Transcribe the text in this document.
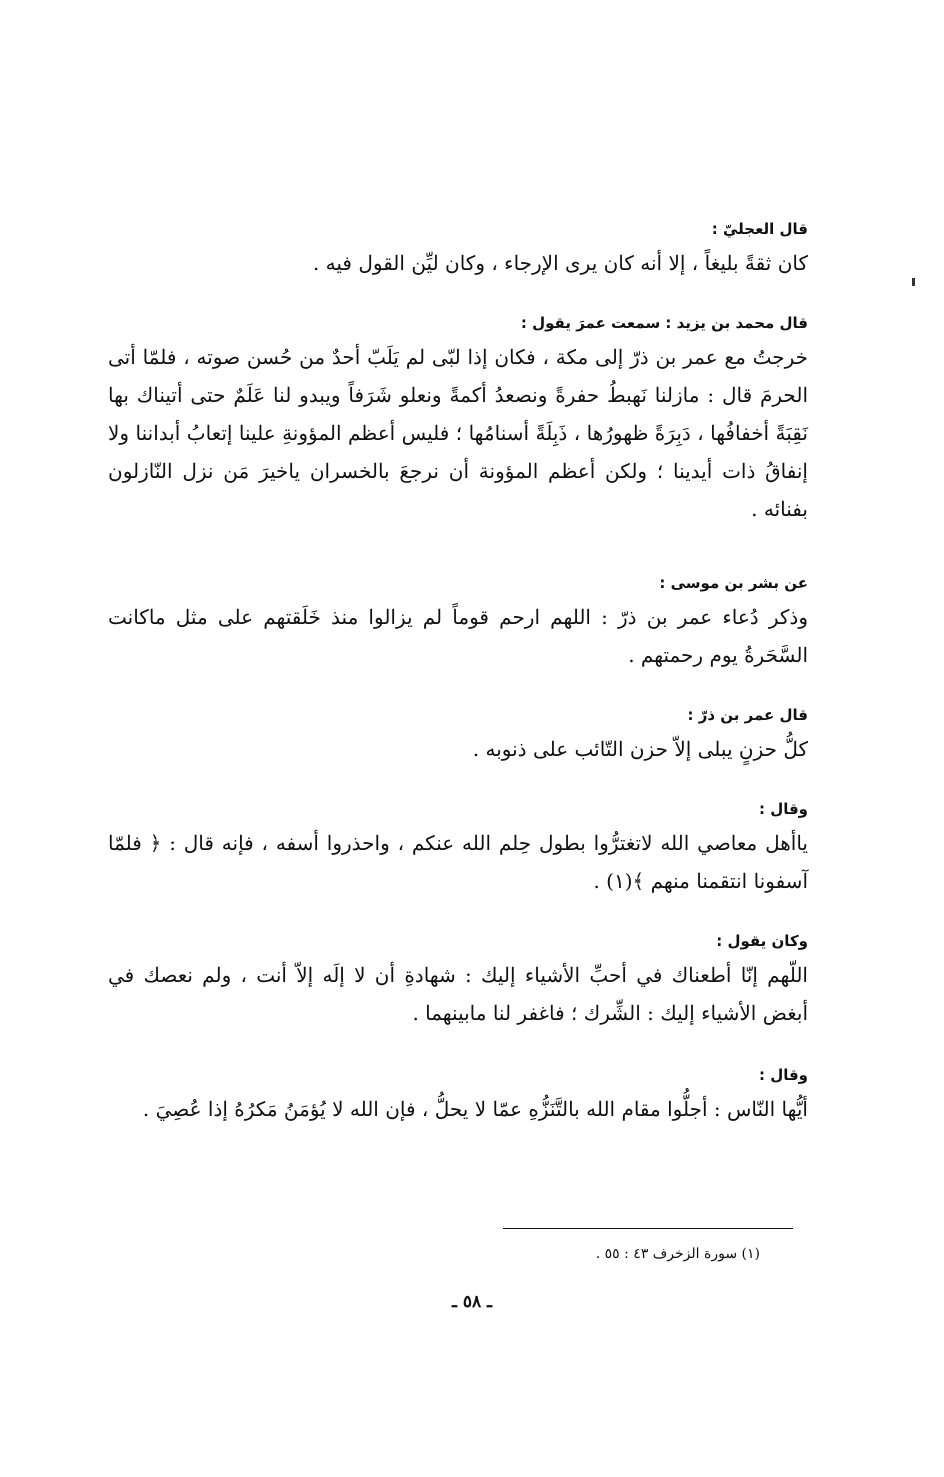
قال العجليّ :

كان ثقةً بليغاً ، إلا أنه كان يرى الإرجاء ، وكان ليِّن القول فيه .

قال محمد بن يزيد : سمعت عمرَ يقول :

خرجتُ مع عمر بن ذرّ إلى مكة ، فكان إذا لبّى لم يَلَبّ أحدٌ من حُسن صوته ، فلمّا أتى الحرمَ قال : مازلنا نَهبطُ حفرةً ونصعدُ أكمةً ونعلو شَرَفاً ويبدو لنا عَلَمٌ حتى أتيناك بها نَقِبَةً أخفافُها ، دَبِرَةً ظهورُها ، ذَبِلَةً أسنامُها ؛ فليس أعظم المؤونةِ علينا إتعابُ أبداننا ولا إنفاقُ ذات أيدينا ؛ ولكن أعظم المؤونة أن نرجعَ بالخسران ياخيرَ مَن نزل النّازلون بفنائه .

عن بشر بن موسى :

وذكر دُعاء عمر بن ذرّ : اللهم ارحم قوماً لم يزالوا منذ خَلَقتهم على مثل ماكانت السَّحَرةُ يوم رحمتهم .

قال عمر بن ذرّ :

كلُّ حزنٍ يبلى إلاّ حزن التّائب على ذنوبه .

وقال :

ياأهل معاصي الله لاتغترُّوا بطول حِلم الله عنكم ، واحذروا أسفه ، فإنه قال : ﴿ فلمّا آسفونا انتقمنا منهم ﴾(١) .

وكان يقول :

اللّهم إنّا أطعناك في أحبِّ الأشياء إليك : شهادةِ أن لا إلَه إلاّ أنت ، ولم نعصك في أبغض الأشياء إليك : الشِّرك ؛ فاغفر لنا مابينهما .

وقال :

أيُّها النّاس : أجلُّوا مقام الله بالتَّنَزُّهِ عمّا لا يحلُّ ، فإن الله لا يُؤمَنُ مَكرُهُ إذا عُصِيَ .

(١) سورة الزخرف ٤٣ : ٥٥ .
ـ ٥٨ ـ
